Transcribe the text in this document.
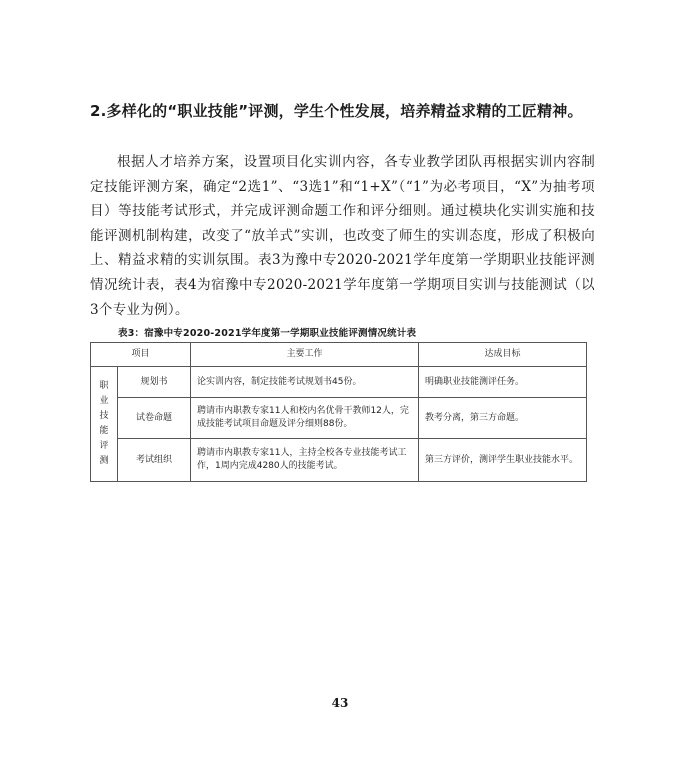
2.多样化的“职业技能”评测，学生个性发展，培养精益求精的工匠精神。
根据人才培养方案，设置项目化实训内容，各专业教学团队再根据实训内容制定技能评测方案，确定“2选1”、“3选1”和“1+X”（“1”为必考项目，“X”为抽考项目）等技能考试形式，并完成评测命题工作和评分细则。通过模块化实训实施和技能评测机制构建，改变了“放羊式”实训，也改变了师生的实训态度，形成了积极向上、精益求精的实训氛围。表3为豫中专2020-2021学年度第一学期职业技能评测情况统计表，表4为宿豫中专2020-2021学年度第一学期项目实训与技能测试（以3个专业为例）。
表3：宿豫中专2020-2021学年度第一学期职业技能评测情况统计表
项目		主要工作	达成目标

职业技能评测	规划书	论实训内容，制定技能考试规划书45份。	明确职业技能测评任务。
	试卷命题	聘请市内职教专家11人和校内名优骨干教师12人，完成技能考试项目命题及评分细则88份。	教考分离，第三方命题。
	考试组织	聘请市内职教专家11人，主持全校各专业技能考试工作，1周内完成4280人的技能考试。	第三方评价，测评学生职业技能水平。
43
